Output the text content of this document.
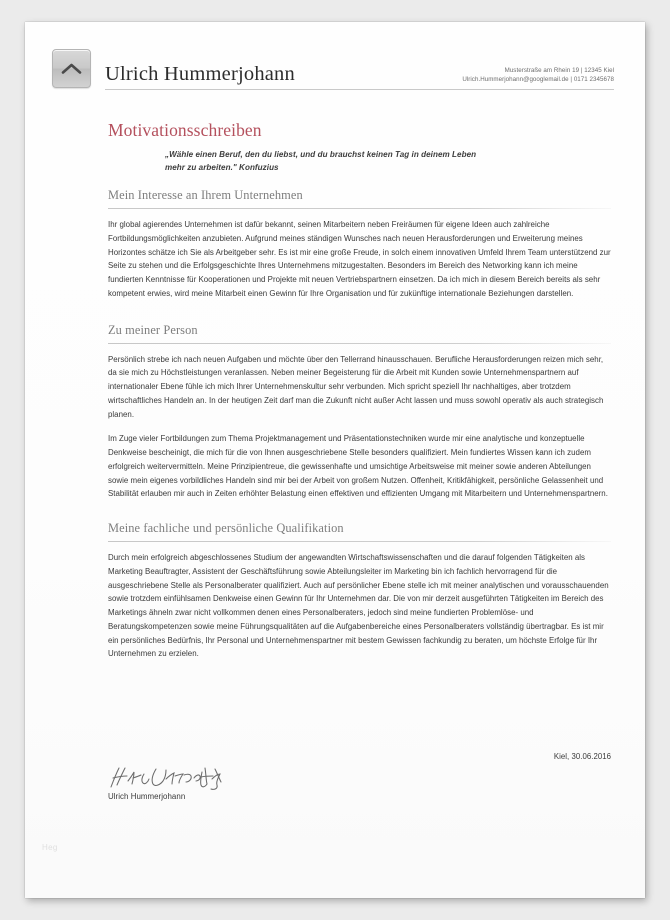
Ulrich Hummerjohann	Musterstraße am Rhein 19 | 12345 Kiel
Ulrich.Hummerjohann@googlemail.de | 0171 2345678
Motivationsschreiben
„Wähle einen Beruf, den du liebst, und du brauchst keinen Tag in deinem Leben mehr zu arbeiten." Konfuzius
Mein Interesse an Ihrem Unternehmen

Ihr global agierendes Unternehmen ist dafür bekannt, seinen Mitarbeitern neben Freiräumen für eigene Ideen auch zahlreiche Fortbildungsmöglichkeiten anzubieten. Aufgrund meines ständigen Wunsches nach neuen Herausforderungen und Erweiterung meines Horizontes schätze ich Sie als Arbeitgeber sehr. Es ist mir eine große Freude, in solch einem innovativen Umfeld Ihrem Team unterstützend zur Seite zu stehen und die Erfolgsgeschichte Ihres Unternehmens mitzugestalten. Besonders im Bereich des Networking kann ich meine fundierten Kenntnisse für Kooperationen und Projekte mit neuen Vertriebspartnern einsetzen. Da ich mich in diesem Bereich bereits als sehr kompetent erwies, wird meine Mitarbeit einen Gewinn für Ihre Organisation und für zukünftige internationale Beziehungen darstellen.

Zu meiner Person

Persönlich strebe ich nach neuen Aufgaben und möchte über den Tellerrand hinausschauen. Berufliche Herausforderungen reizen mich sehr, da sie mich zu Höchstleistungen veranlassen. Neben meiner Begeisterung für die Arbeit mit Kunden sowie Unternehmenspartnern auf internationaler Ebene fühle ich mich Ihrer Unternehmenskultur sehr verbunden. Mich spricht speziell Ihr nachhaltiges, aber trotzdem wirtschaftliches Handeln an. In der heutigen Zeit darf man die Zukunft nicht außer Acht lassen und muss sowohl operativ als auch strategisch planen.

Im Zuge vieler Fortbildungen zum Thema Projektmanagement und Präsentationstechniken wurde mir eine analytische und konzeptuelle Denkweise bescheinigt, die mich für die von Ihnen ausgeschriebene Stelle besonders qualifiziert. Mein fundiertes Wissen kann ich zudem erfolgreich weitervermitteln. Meine Prinzipientreue, die gewissenhafte und umsichtige Arbeitsweise mit meiner sowie anderen Abteilungen sowie mein eigenes vorbildliches Handeln sind mir bei der Arbeit von großem Nutzen. Offenheit, Kritikfähigkeit, persönliche Gelassenheit und Stabilität erlauben mir auch in Zeiten erhöhter Belastung einen effektiven und effizienten Umgang mit Mitarbeitern und Unternehmenspartnern.

Meine fachliche und persönliche Qualifikation

Durch mein erfolgreich abgeschlossenes Studium der angewandten Wirtschaftswissenschaften und die darauf folgenden Tätigkeiten als Marketing Beauftragter, Assistent der Geschäftsführung sowie Abteilungsleiter im Marketing bin ich fachlich hervorragend für die ausgeschriebene Stelle als Personalberater qualifiziert. Auch auf persönlicher Ebene stelle ich mit meiner analytischen und vorausschauenden sowie trotzdem einfühlsamen Denkweise einen Gewinn für Ihr Unternehmen dar. Die von mir derzeit ausgeführten Tätigkeiten im Bereich des Marketings ähneln zwar nicht vollkommen denen eines Personalberaters, jedoch sind meine fundierten Problemlöse- und Beratungskompetenzen sowie meine Führungsqualitäten auf die Aufgabenbereiche eines Personalberaters vollständig übertragbar. Es ist mir ein persönliches Bedürfnis, Ihr Personal und Unternehmenspartner mit bestem Gewissen fachkundig zu beraten, um höchste Erfolge für Ihr Unternehmen zu erzielen.

Kiel, 30.06.2016
Ulrich Hummerjohann
Heg
